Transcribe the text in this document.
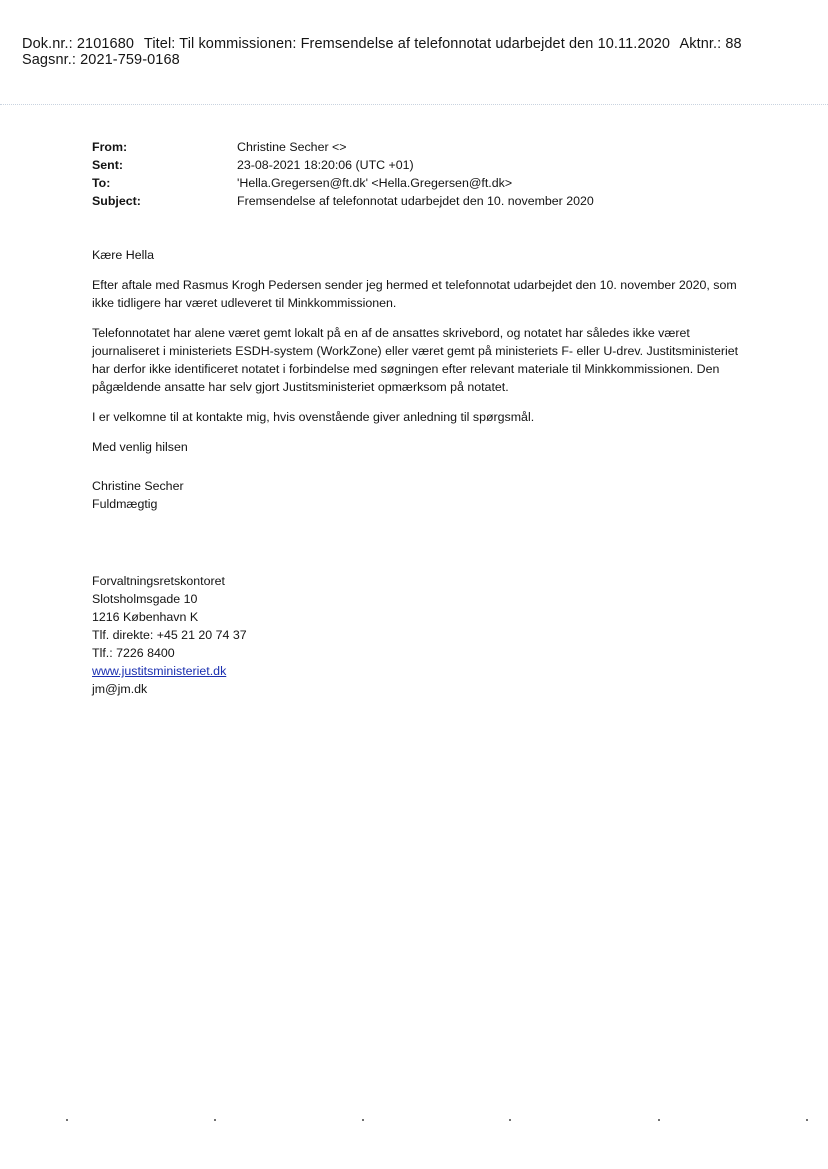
Dok.nr.: 2101680 Titel: Til kommissionen: Fremsendelse af telefonnotat udarbejdet den 10.11.2020 Aktnr.: 88
Sagsnr.: 2021-759-0168
From:	Christine Secher <>
Sent:	23-08-2021 18:20:06 (UTC +01)
To:	'Hella.Gregersen@ft.dk' <Hella.Gregersen@ft.dk>
Subject:	Fremsendelse af telefonnotat udarbejdet den 10. november 2020

Kære Hella

Efter aftale med Rasmus Krogh Pedersen sender jeg hermed et telefonnotat udarbejdet den 10. november 2020, som ikke tidligere har været udleveret til Minkkommissionen.

Telefonnotatet har alene været gemt lokalt på en af de ansattes skrivebord, og notatet har således ikke været journaliseret i ministeriets ESDH-system (WorkZone) eller været gemt på ministeriets F- eller U-drev. Justitsministeriet har derfor ikke identificeret notatet i forbindelse med søgningen efter relevant materiale til Minkkommissionen. Den pågældende ansatte har selv gjort Justitsministeriet opmærksom på notatet.

I er velkomne til at kontakte mig, hvis ovenstående giver anledning til spørgsmål.

Med venlig hilsen

Christine Secher

Fuldmægtig

Forvaltningsretskontoret

Slotsholmsgade 10

1216 København K

Tlf. direkte: +45 21 20 74 37

Tlf.: 7226 8400

www.justitsministeriet.dk

jm@jm.dk
